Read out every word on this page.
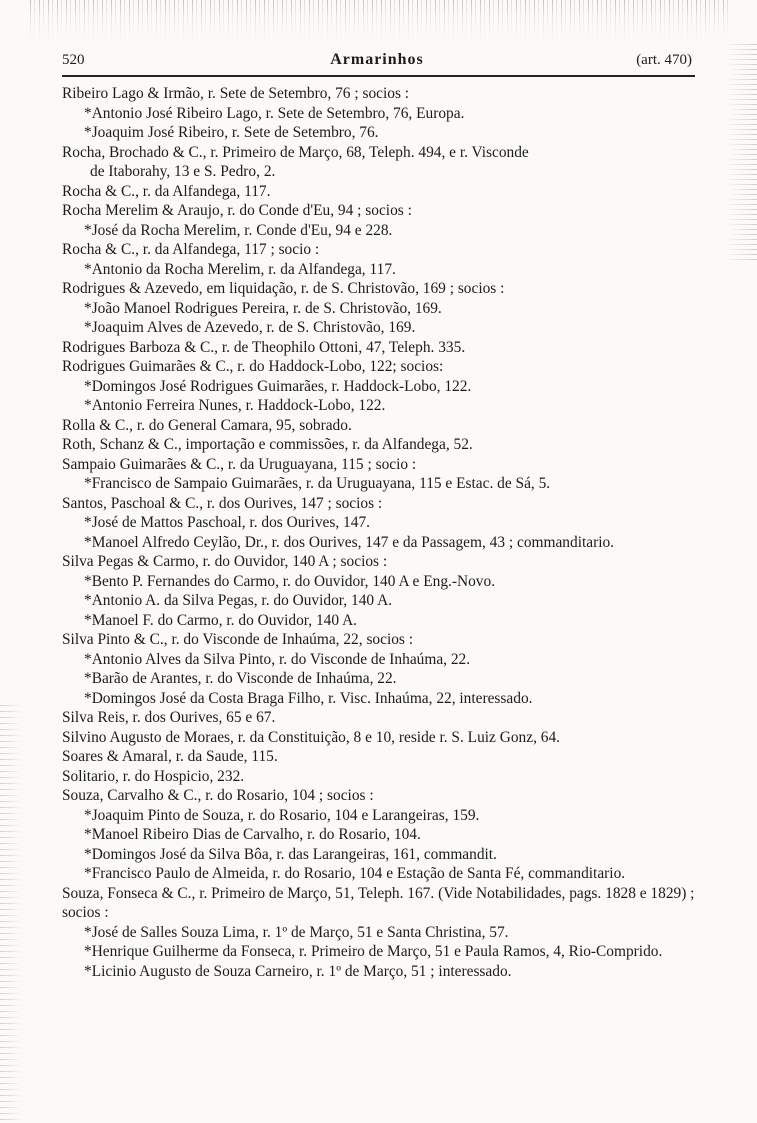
520	Armarinhos	(art. 470)

Ribeiro Lago & Irmão, r. Sete de Setembro, 76 ; socios :

*Antonio José Ribeiro Lago, r. Sete de Setembro, 76, Europa.

*Joaquim José Ribeiro, r. Sete de Setembro, 76.

Rocha, Brochado & C., r. Primeiro de Março, 68, Teleph. 494, e r. Visconde

de Itaborahy, 13 e S. Pedro, 2.

Rocha & C., r. da Alfandega, 117.

Rocha Merelim & Araujo, r. do Conde d'Eu, 94 ; socios :

*José da Rocha Merelim, r. Conde d'Eu, 94 e 228.

Rocha & C., r. da Alfandega, 117 ; socio :

*Antonio da Rocha Merelim, r. da Alfandega, 117.

Rodrigues & Azevedo, em liquidação, r. de S. Christovão, 169 ; socios :

*João Manoel Rodrigues Pereira, r. de S. Christovão, 169.

*Joaquim Alves de Azevedo, r. de S. Christovão, 169.

Rodrigues Barboza & C., r. de Theophilo Ottoni, 47, Teleph. 335.

Rodrigues Guimarães & C., r. do Haddock-Lobo, 122; socios:

*Domingos José Rodrigues Guimarães, r. Haddock-Lobo, 122.

*Antonio Ferreira Nunes, r. Haddock-Lobo, 122.

Rolla & C., r. do General Camara, 95, sobrado.

Roth, Schanz & C., importação e commissões, r. da Alfandega, 52.

Sampaio Guimarães & C., r. da Uruguayana, 115 ; socio :

*Francisco de Sampaio Guimarães, r. da Uruguayana, 115 e Estac. de Sá, 5.

Santos, Paschoal & C., r. dos Ourives, 147 ; socios :

*José de Mattos Paschoal, r. dos Ourives, 147.

*Manoel Alfredo Ceylão, Dr., r. dos Ourives, 147 e da Passagem, 43 ; commanditario.

Silva Pegas & Carmo, r. do Ouvidor, 140 A ; socios :

*Bento P. Fernandes do Carmo, r. do Ouvidor, 140 A e Eng.-Novo.

*Antonio A. da Silva Pegas, r. do Ouvidor, 140 A.

*Manoel F. do Carmo, r. do Ouvidor, 140 A.

Silva Pinto & C., r. do Visconde de Inhaúma, 22, socios :

*Antonio Alves da Silva Pinto, r. do Visconde de Inhaúma, 22.

*Barão de Arantes, r. do Visconde de Inhaúma, 22.

*Domingos José da Costa Braga Filho, r. Visc. Inhaúma, 22, interessado.

Silva Reis, r. dos Ourives, 65 e 67.

Silvino Augusto de Moraes, r. da Constituição, 8 e 10, reside r. S. Luiz Gonz, 64.

Soares & Amaral, r. da Saude, 115.

Solitario, r. do Hospicio, 232.

Souza, Carvalho & C., r. do Rosario, 104 ; socios :

*Joaquim Pinto de Souza, r. do Rosario, 104 e Larangeiras, 159.

*Manoel Ribeiro Dias de Carvalho, r. do Rosario, 104.

*Domingos José da Silva Bôa, r. das Larangeiras, 161, commandit.

*Francisco Paulo de Almeida, r. do Rosario, 104 e Estação de Santa Fé, commanditario.

Souza, Fonseca & C., r. Primeiro de Março, 51, Teleph. 167. (Vide Notabilidades, pags. 1828 e 1829) ; socios :

*José de Salles Souza Lima, r. 1º de Março, 51 e Santa Christina, 57.

*Henrique Guilherme da Fonseca, r. Primeiro de Março, 51 e Paula Ramos, 4, Rio-Comprido.

*Licinio Augusto de Souza Carneiro, r. 1º de Março, 51 ; interessado.
